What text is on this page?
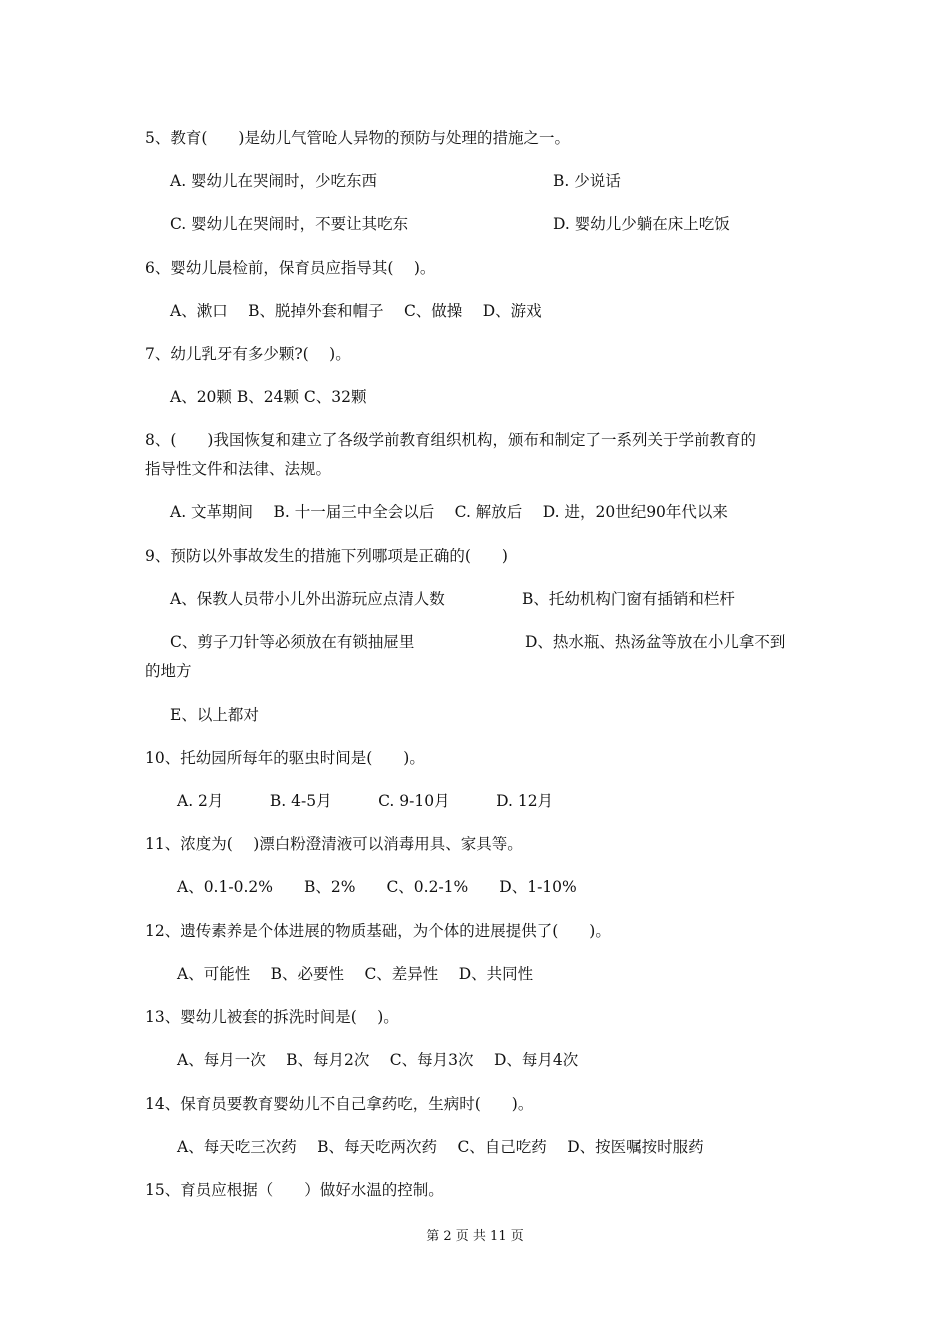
5、教育(　　)是幼儿气管呛人异物的预防与处理的措施之一。
A. 婴幼儿在哭闹时，少吃东西	B. 少说话
C. 婴幼儿在哭闹时，不要让其吃东	D. 婴幼儿少躺在床上吃饭
6、婴幼儿晨检前，保育员应指导其(　 )。
A、漱口　 B、脱掉外套和帽子　 C、做操　 D、游戏
7、幼儿乳牙有多少颗?(　 )。
A、20颗 B、24颗 C、32颗
8、(　　)我国恢复和建立了各级学前教育组织机构，颁布和制定了一系列关于学前教育的
指导性文件和法律、法规。
A. 文革期间　 B. 十一届三中全会以后　 C. 解放后　 D. 进，20世纪90年代以来
9、预防以外事故发生的措施下列哪项是正确的(　　)
A、保教人员带小儿外出游玩应点清人数	B、托幼机构门窗有插销和栏杆
C、剪子刀针等必须放在有锁抽屉里	D、热水瓶、热汤盆等放在小儿拿不到
的地方
E、以上都对
10、托幼园所每年的驱虫时间是(　　)。
A. 2月　　　B. 4-5月　　　C. 9-10月　　　D. 12月
11、浓度为(　 )漂白粉澄清液可以消毒用具、家具等。
A、0.1-0.2%　　B、2%　　C、0.2-1%　　D、1-10%
12、遗传素养是个体进展的物质基础，为个体的进展提供了(　　)。
A、可能性　 B、必要性　 C、差异性　 D、共同性
13、婴幼儿被套的拆洗时间是(　 )。
A、每月一次　 B、每月2次　 C、每月3次　 D、每月4次
14、保育员要教育婴幼儿不自己拿药吃，生病时(　　)。
A、每天吃三次药　 B、每天吃两次药　 C、自己吃药　 D、按医嘱按时服药
15、育员应根据（　　）做好水温的控制。
第 2 页 共 11 页
